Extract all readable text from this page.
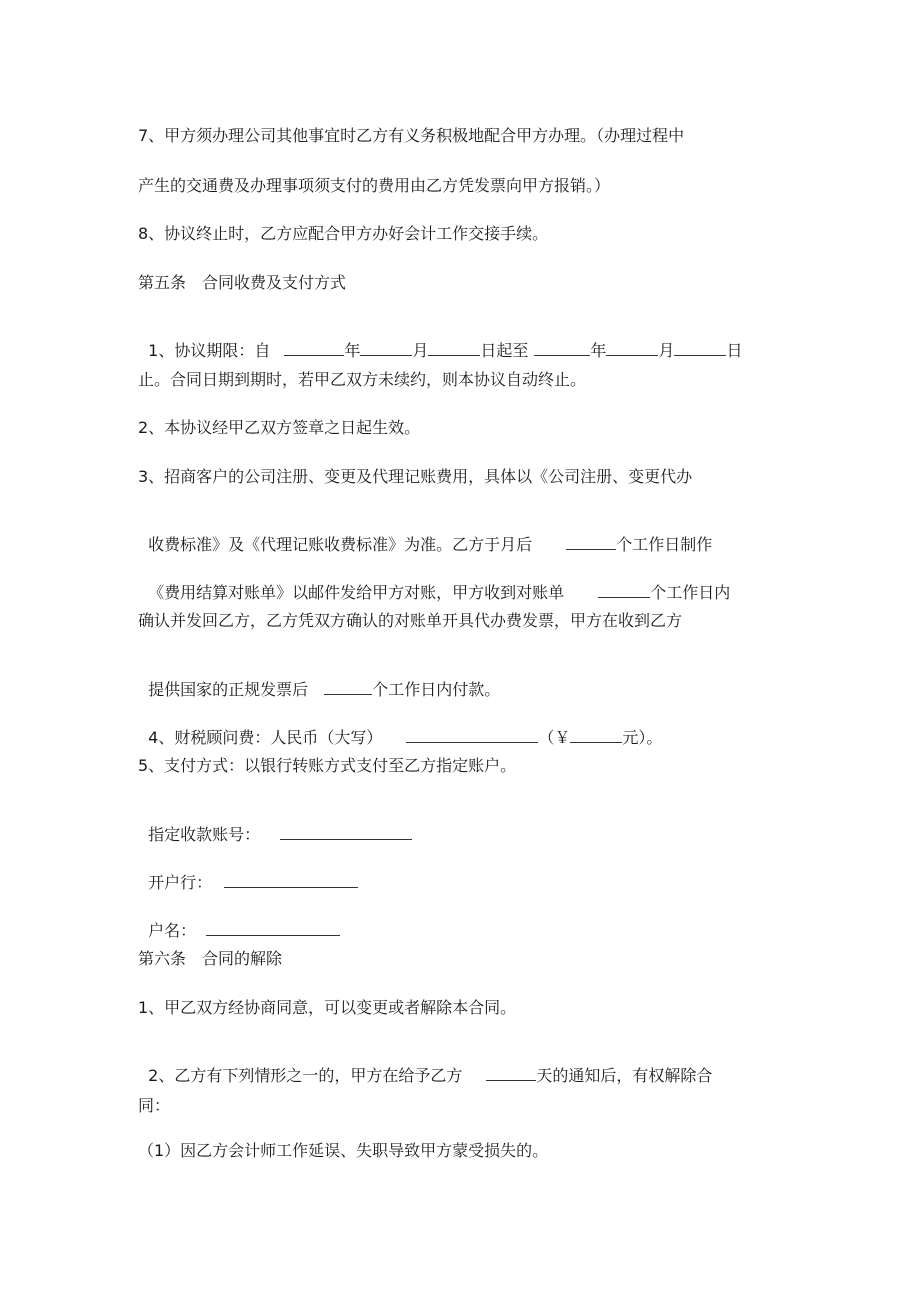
7、甲方须办理公司其他事宜时乙方有义务积极地配合甲方办理。（办理过程中
产生的交通费及办理事项须支付的费用由乙方凭发票向甲方报销。）
8、协议终止时，乙方应配合甲方办好会计工作交接手续。
第五条　合同收费及支付方式

1、协议期限：自	年	月	日起至	年	月	日

止。合同日期到期时，若甲乙双方未续约，则本协议自动终止。
2、本协议经甲乙双方签章之日起生效。
3、招商客户的公司注册、变更及代理记账费用，具体以《公司注册、变更代办

收费标准》及《代理记账收费标准》为准。乙方于月后	个工作日制作

《费用结算对账单》以邮件发给甲方对账，甲方收到对账单	个工作日内

确认并发回乙方，乙方凭双方确认的对账单开具代办费发票，甲方在收到乙方

提供国家的正规发票后	个工作日内付款。

4、财税顾问费：人民币（大写）	（￥	元）。

5、支付方式：以银行转账方式支付至乙方指定账户。

指定收款账号：

开户行：

户名：

第六条　合同的解除
1、甲乙双方经协商同意，可以变更或者解除本合同。

2、乙方有下列情形之一的，甲方在给予乙方	天的通知后，有权解除合

同：
（1）因乙方会计师工作延误、失职导致甲方蒙受损失的。
